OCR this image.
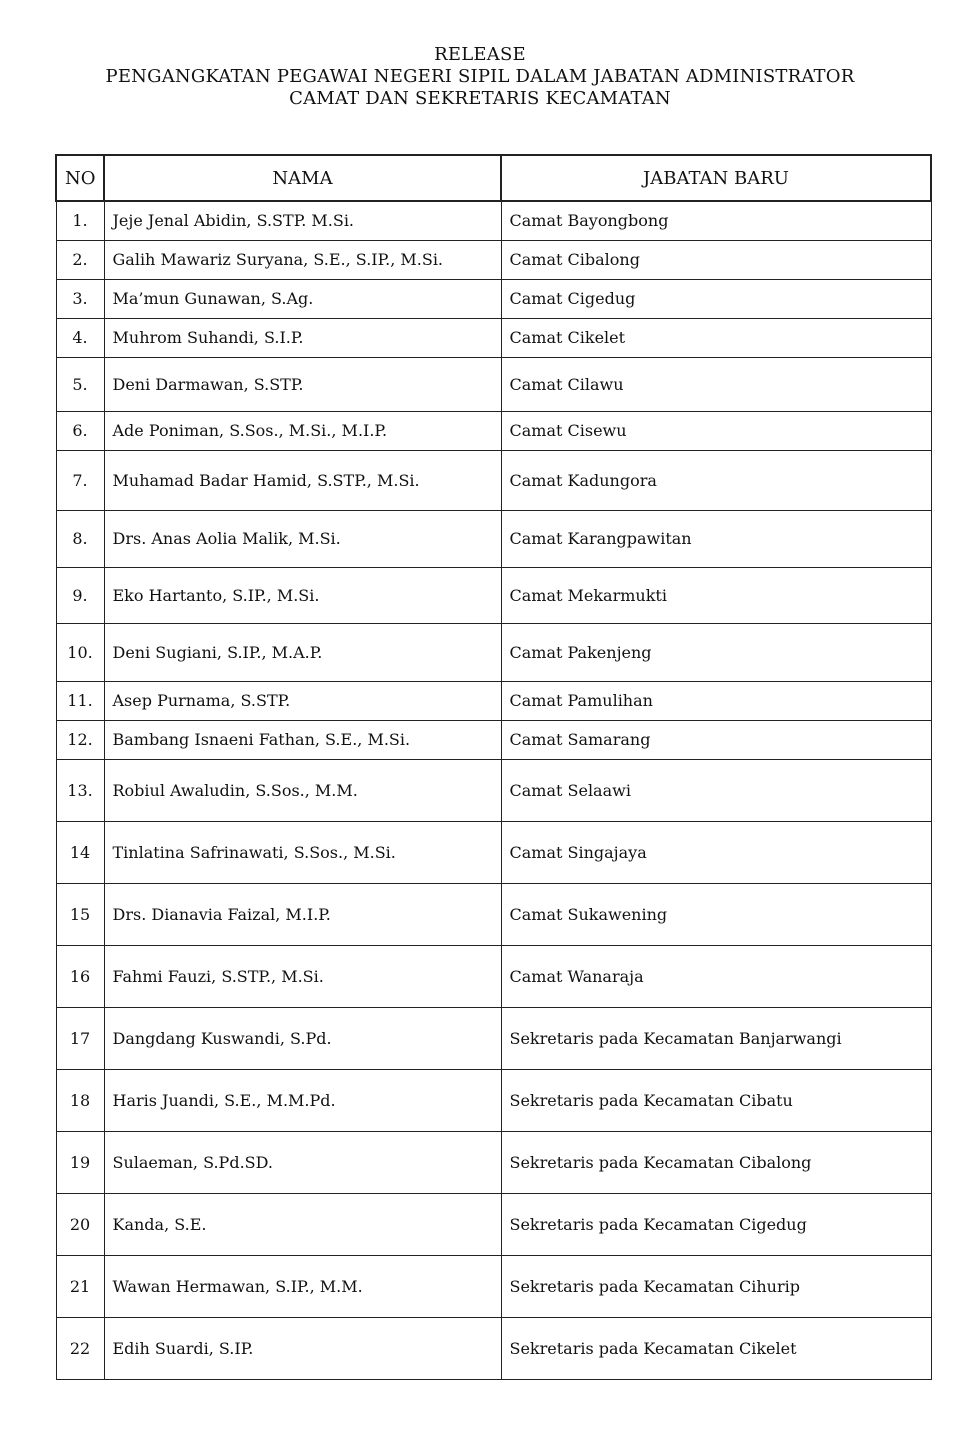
RELEASE
PENGANGKATAN PEGAWAI NEGERI SIPIL DALAM JABATAN ADMINISTRATOR
CAMAT DAN SEKRETARIS KECAMATAN
NO	NAMA	JABATAN BARU
1.	Jeje Jenal Abidin, S.STP. M.Si.	Camat Bayongbong
2.	Galih Mawariz Suryana, S.E., S.IP., M.Si.	Camat Cibalong
3.	Ma’mun Gunawan, S.Ag.	Camat Cigedug
4.	Muhrom Suhandi, S.I.P.	Camat Cikelet
5.	Deni Darmawan, S.STP.	Camat Cilawu
6.	Ade Poniman, S.Sos., M.Si., M.I.P.	Camat Cisewu
7.	Muhamad Badar Hamid, S.STP., M.Si.	Camat Kadungora
8.	Drs. Anas Aolia Malik, M.Si.	Camat Karangpawitan
9.	Eko Hartanto, S.IP., M.Si.	Camat Mekarmukti
10.	Deni Sugiani, S.IP., M.A.P.	Camat Pakenjeng
11.	Asep Purnama, S.STP.	Camat Pamulihan
12.	Bambang Isnaeni Fathan, S.E., M.Si.	Camat Samarang
13.	Robiul Awaludin, S.Sos., M.M.	Camat Selaawi
14	Tinlatina Safrinawati, S.Sos., M.Si.	Camat Singajaya
15	Drs. Dianavia Faizal, M.I.P.	Camat Sukawening
16	Fahmi Fauzi, S.STP., M.Si.	Camat Wanaraja
17	Dangdang Kuswandi, S.Pd.	Sekretaris pada Kecamatan Banjarwangi
18	Haris Juandi, S.E., M.M.Pd.	Sekretaris pada Kecamatan Cibatu
19	Sulaeman, S.Pd.SD.	Sekretaris pada Kecamatan Cibalong
20	Kanda, S.E.	Sekretaris pada Kecamatan Cigedug
21	Wawan Hermawan, S.IP., M.M.	Sekretaris pada Kecamatan Cihurip
22	Edih Suardi, S.IP.	Sekretaris pada Kecamatan Cikelet
